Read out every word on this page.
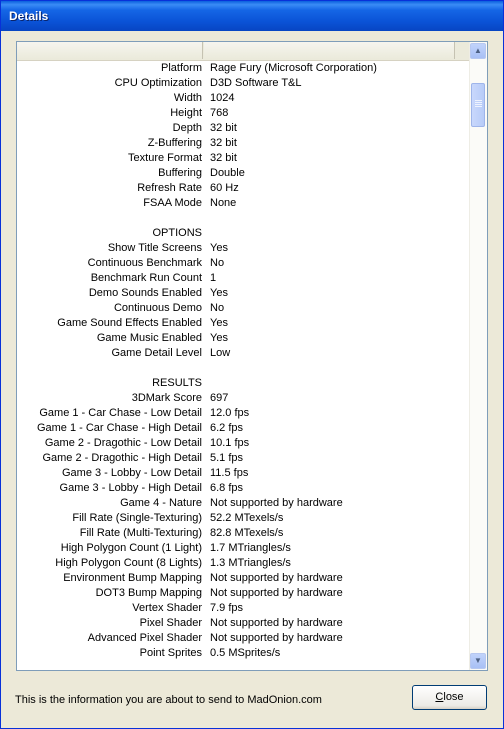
Details
Platform Rage Fury (Microsoft Corporation)
CPU Optimization D3D Software T&L
Width 1024
Height 768
Depth 32 bit
Z-Buffering 32 bit
Texture Format 32 bit
Buffering Double
Refresh Rate 60 Hz
FSAA Mode None
OPTIONS
Show Title Screens Yes
Continuous Benchmark No
Benchmark Run Count 1
Demo Sounds Enabled Yes
Continuous Demo No
Game Sound Effects Enabled Yes
Game Music Enabled Yes
Game Detail Level Low
RESULTS
3DMark Score 697
Game 1 - Car Chase - Low Detail 12.0 fps
Game 1 - Car Chase - High Detail 6.2 fps
Game 2 - Dragothic - Low Detail 10.1 fps
Game 2 - Dragothic - High Detail 5.1 fps
Game 3 - Lobby - Low Detail 11.5 fps
Game 3 - Lobby - High Detail 6.8 fps
Game 4 - Nature Not supported by hardware
Fill Rate (Single-Texturing) 52.2 MTexels/s
Fill Rate (Multi-Texturing) 82.8 MTexels/s
High Polygon Count (1 Light) 1.7 MTriangles/s
High Polygon Count (8 Lights) 1.3 MTriangles/s
Environment Bump Mapping Not supported by hardware
DOT3 Bump Mapping Not supported by hardware
Vertex Shader 7.9 fps
Pixel Shader Not supported by hardware
Advanced Pixel Shader Not supported by hardware
Point Sprites 0.5 MSprites/s
▲
▼
This is the information you are about to send to MadOnion.com	Close
